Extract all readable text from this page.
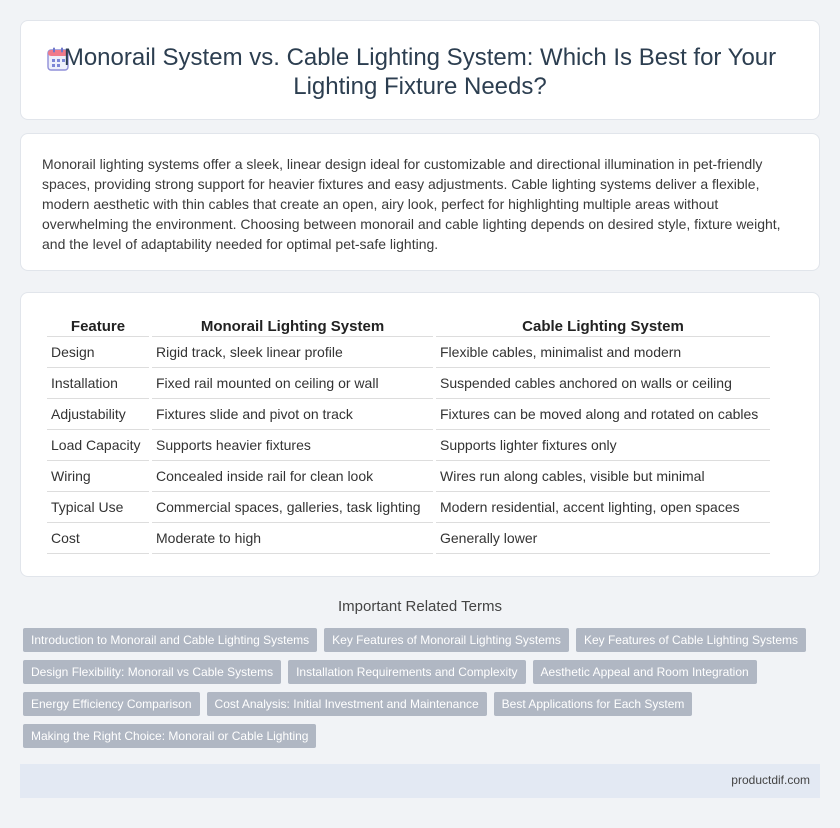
Monorail System vs. Cable Lighting System: Which Is Best for Your Lighting Fixture Needs?

Monorail lighting systems offer a sleek, linear design ideal for customizable and directional illumination in pet-friendly spaces, providing strong support for heavier fixtures and easy adjustments. Cable lighting systems deliver a flexible, modern aesthetic with thin cables that create an open, airy look, perfect for highlighting multiple areas without overwhelming the environment. Choosing between monorail and cable lighting depends on desired style, fixture weight, and the level of adaptability needed for optimal pet-safe lighting.

Feature	Monorail Lighting System	Cable Lighting System
Design	Rigid track, sleek linear profile	Flexible cables, minimalist and modern
Installation	Fixed rail mounted on ceiling or wall	Suspended cables anchored on walls or ceiling
Adjustability	Fixtures slide and pivot on track	Fixtures can be moved along and rotated on cables
Load Capacity	Supports heavier fixtures	Supports lighter fixtures only
Wiring	Concealed inside rail for clean look	Wires run along cables, visible but minimal
Typical Use	Commercial spaces, galleries, task lighting	Modern residential, accent lighting, open spaces
Cost	Moderate to high	Generally lower
Important Related Terms
Introduction to Monorail and Cable Lighting Systems	Key Features of Monorail Lighting Systems	Key Features of Cable Lighting Systems
Design Flexibility: Monorail vs Cable Systems	Installation Requirements and Complexity	Aesthetic Appeal and Room Integration
Energy Efficiency Comparison	Cost Analysis: Initial Investment and Maintenance	Best Applications for Each System
Making the Right Choice: Monorail or Cable Lighting
productdif.com
